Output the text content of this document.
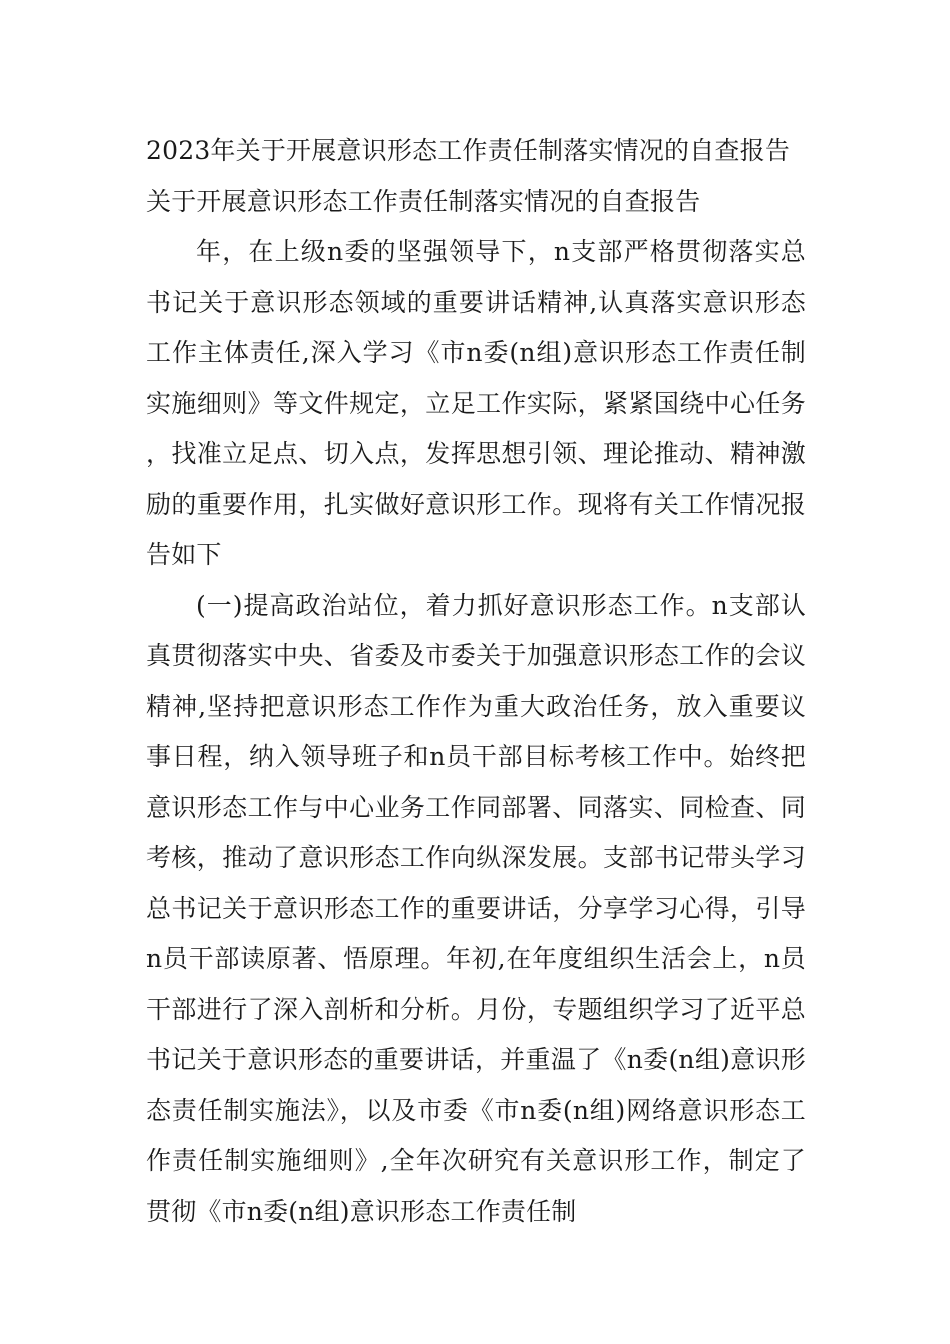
2023年关于开展意识形态工作责任制落实情况的自查报告

关于开展意识形态工作责任制落实情况的自查报告

年，在上级n委的坚强领导下，n支部严格贯彻落实总书记关于意识形态领域的重要讲话精神,认真落实意识形态工作主体责任,深入学习《市n委(n组)意识形态工作责任制实施细则》等文件规定，立足工作实际，紧紧国绕中心任务，找准立足点、切入点，发挥思想引领、理论推动、精神激励的重要作用，扎实做好意识形工作。现将有关工作情况报告如下

(一)提高政治站位，着力抓好意识形态工作。n支部认真贯彻落实中央、省委及市委关于加强意识形态工作的会议精神,坚持把意识形态工作作为重大政治任务，放入重要议事日程，纳入领导班子和n员干部目标考核工作中。始终把意识形态工作与中心业务工作同部署、同落实、同检查、同考核，推动了意识形态工作向纵深发展。支部书记带头学习总书记关于意识形态工作的重要讲话，分享学习心得，引导n员干部读原著、悟原理。年初,在年度组织生活会上，n员干部进行了深入剖析和分析。月份，专题组织学习了近平总书记关于意识形态的重要讲话，并重温了《n委(n组)意识形态责任制实施法》，以及市委《市n委(n组)网络意识形态工作责任制实施细则》,全年次研究有关意识形工作，制定了贯彻《市n委(n组)意识形态工作责任制
